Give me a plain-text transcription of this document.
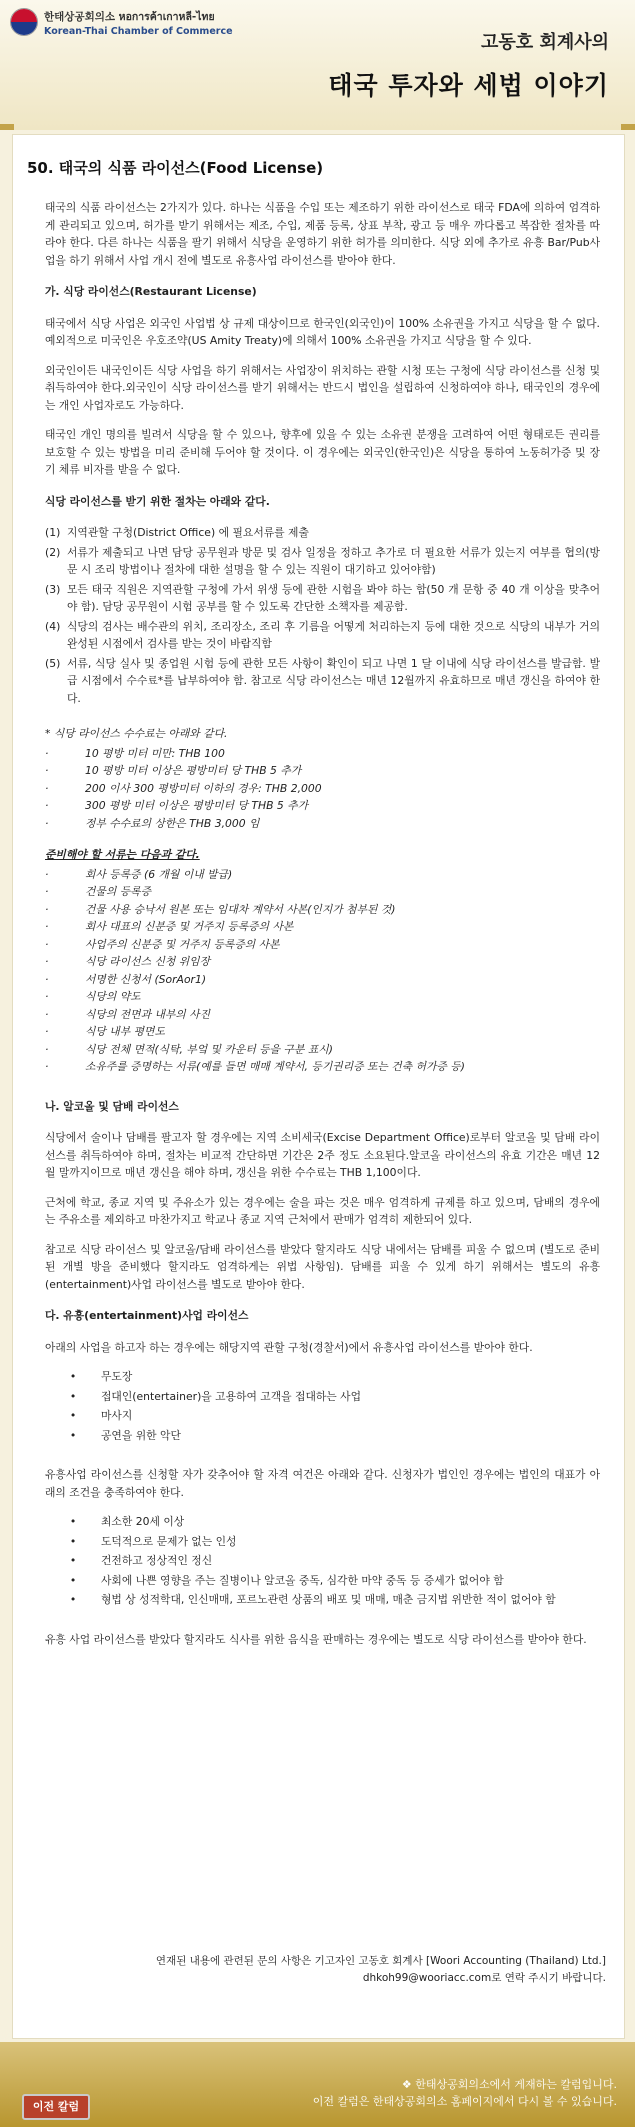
한태상공회의소 หอการค้าเกาหลี-ไทย
Korean-Thai Chamber of Commerce
고동호 회계사의
태국 투자와 세법 이야기
50. 태국의 식품 라이선스(Food License)

태국의 식품 라이선스는 2가지가 있다. 하나는 식품을 수입 또는 제조하기 위한 라이선스로 태국 FDA에 의하여 엄격하게 관리되고 있으며, 허가를 받기 위해서는 제조, 수입, 제품 등록, 상표 부착, 광고 등 매우 까다롭고 복잡한 절차를 따라야 한다. 다른 하나는 식품을 팔기 위해서 식당을 운영하기 위한 허가를 의미한다. 식당 외에 추가로 유흥 Bar/Pub사업을 하기 위해서 사업 개시 전에 별도로 유흥사업 라이선스를 받아야 한다.

가. 식당 라이선스(Restaurant License)

태국에서 식당 사업은 외국인 사업법 상 규제 대상이므로 한국인(외국인)이 100% 소유권을 가지고 식당을 할 수 없다. 예외적으로 미국인은 우호조약(US Amity Treaty)에 의해서 100% 소유권을 가지고 식당을 할 수 있다.

외국인이든 내국인이든 식당 사업을 하기 위해서는 사업장이 위치하는 관할 시청 또는 구청에 식당 라이선스를 신청 및 취득하여야 한다.외국인이 식당 라이선스를 받기 위해서는 반드시 법인을 설립하여 신청하여야 하나, 태국인의 경우에는 개인 사업자로도 가능하다.

태국인 개인 명의를 빌려서 식당을 할 수 있으나, 향후에 있을 수 있는 소유권 분쟁을 고려하여 어떤 형태로든 권리를 보호할 수 있는 방법을 미리 준비해 두어야 할 것이다. 이 경우에는 외국인(한국인)은 식당을 통하여 노동허가증 및 장기 체류 비자를 받을 수 없다.

식당 라이선스를 받기 위한 절차는 아래와 같다.
(1) 지역관할 구청(District Office) 에 필요서류를 제출
(2) 서류가 제출되고 나면 담당 공무원과 방문 및 검사 일정을 정하고 추가로 더 필요한 서류가 있는지 여부를 협의(방문 시 조리 방법이나 절차에 대한 설명을 할 수 있는 직원이 대기하고 있어야함)
(3) 모든 태국 직원은 지역관할 구청에 가서 위생 등에 관한 시험을 봐야 하는 함(50 개 문항 중 40 개 이상을 맞추어야 함). 담당 공무원이 시험 공부를 할 수 있도록 간단한 소책자를 제공함.
(4) 식당의 검사는 배수관의 위치, 조리장소, 조리 후 기름을 어떻게 처리하는지 등에 대한 것으로 식당의 내부가 거의 완성된 시점에서 검사를 받는 것이 바람직함
(5) 서류, 식당 실사 및 종업원 시험 등에 관한 모든 사항이 확인이 되고 나면 1 달 이내에 식당 라이선스를 발급함. 발급 시점에서 수수료*를 납부하여야 함. 참고로 식당 라이선스는 매년 12월까지 유효하므로 매년 갱신을 하여야 한다.
* 식당 라이선스 수수료는 아래와 같다.
·	10 평방 미터 미만: THB 100
·	10 평방 미터 이상은 평방미터 당 THB 5 추가
·	200 이사 300 평방미터 이하의 경우: THB 2,000
·	300 평방 미터 이상은 평방미터 당 THB 5 추가
·	정부 수수료의 상한은 THB 3,000 임
준비해야 할 서류는 다음과 같다.
·	회사 등록증 (6 개월 이내 발급)
·	건물의 등록증
·	건물 사용 승낙서 원본 또는 임대차 계약서 사본(인지가 첨부된 것)
·	회사 대표의 신분증 및 거주지 등록증의 사본
·	사업주의 신분증 및 거주지 등록증의 사본
·	식당 라이선스 신청 위임장
·	서명한 신청서 (SorAor1)
·	식당의 약도
·	식당의 전면과 내부의 사진
·	식당 내부 평면도
·	식당 전체 면적(식탁, 부엌 및 카운터 등을 구분 표시)
·	소유주를 증명하는 서류(예를 들면 매매 계약서, 등기권리증 또는 건축 허가증 등)
나. 알코올 및 담배 라이선스

식당에서 술이나 담배를 팔고자 할 경우에는 지역 소비세국(Excise Department Office)로부터 알코올 및 담배 라이선스를 취득하여야 하며, 절차는 비교적 간단하면 기간은 2주 정도 소요된다.알코올 라이선스의 유효 기간은 매년 12월 말까지이므로 매년 갱신을 해야 하며, 갱신을 위한 수수료는 THB 1,100이다.

근처에 학교, 종교 지역 및 주유소가 있는 경우에는 술을 파는 것은 매우 엄격하게 규제를 하고 있으며, 담배의 경우에는 주유소를 제외하고 마찬가지고 학교나 종교 지역 근처에서 판매가 엄격히 제한되어 있다.

참고로 식당 라이선스 및 알코올/담배 라이선스를 받았다 할지라도 식당 내에서는 담배를 피울 수 없으며 (별도로 준비된 개별 방을 준비했다 할지라도 엄격하게는 위법 사항임). 담배를 피울 수 있게 하기 위해서는 별도의 유흥(entertainment)사업 라이선스를 별도로 받아야 한다.

다. 유흥(entertainment)사업 라이선스

아래의 사업을 하고자 하는 경우에는 해당지역 관할 구청(경찰서)에서 유흥사업 라이선스를 받아야 한다.

•	무도장
•	접대인(entertainer)을 고용하여 고객을 접대하는 사업
•	마사지
•	공연을 위한 악단

유흥사업 라이선스를 신청할 자가 갖추어야 할 자격 여건은 아래와 같다. 신청자가 법인인 경우에는 법인의 대표가 아래의 조건을 충족하여야 한다.

•	최소한 20세 이상
•	도덕적으로 문제가 없는 인성
•	건전하고 정상적인 정신
•	사회에 나쁜 영향을 주는 질병이나 알코올 중독, 심각한 마약 중독 등 증세가 없어야 함
•	형법 상 성적학대, 인신매매, 포르노관련 상품의 배포 및 매매, 매춘 금지법 위반한 적이 없어야 함

유흥 사업 라이선스를 받았다 할지라도 식사를 위한 음식을 판매하는 경우에는 별도로 식당 라이선스를 받아야 한다.

연재된 내용에 관련된 문의 사항은 기고자인 고동호 회계사 [Woori Accounting (Thailand) Ltd.]
dhkoh99@wooriacc.com로 연락 주시기 바랍니다.
이전 칼럼
❖ 한태상공회의소에서 게재하는 칼럼입니다.
이전 칼럼은 한태상공회의소 홈페이지에서 다시 볼 수 있습니다.
